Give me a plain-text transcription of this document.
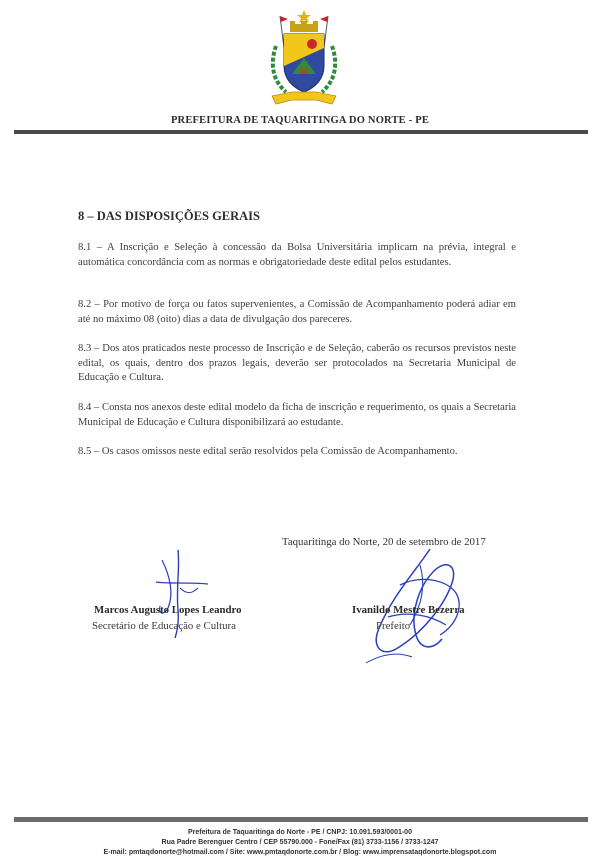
PREFEITURA DE TAQUARITINGA DO NORTE - PE
8 – DAS DISPOSIÇÕES GERAIS

8.1 – A Inscrição e Seleção à concessão da Bolsa Universitária implicam na prévia, integral e automática concordância com as normas e obrigatoriedade deste edital pelos estudantes.

8.2 – Por motivo de força ou fatos supervenientes, a Comissão de Acompanhamento poderá adiar em até no máximo 08 (oito) dias a data de divulgação dos pareceres.

8.3 – Dos atos praticados neste processo de Inscrição e de Seleção, caberão os recursos previstos neste edital, os quais, dentro dos prazos legais, deverão ser protocolados na Secretaria Municipal de Educação e Cultura.

8.4 – Consta nos anexos deste edital modelo da ficha de inscrição e requerimento, os quais a Secretaria Municipal de Educação e Cultura disponibilizará ao estudante.

8.5 – Os casos omissos neste edital serão resolvidos pela Comissão de Acompanhamento.

Taquaritinga do Norte, 20 de setembro de 2017
Marcos Augusto Lopes Leandro
Secretário de Educação e Cultura
Ivanildo Mestre Bezerra
Prefeito
Prefeitura de Taquaritinga do Norte - PE / CNPJ: 10.091.593/0001-00
Rua Padre Berenguer Centro / CEP 55790.000 - Fone/Fax (81) 3733-1156 / 3733-1247
E-mail: pmtaqdonorte@hotmail.com / Site: www.pmtaqdonorte.com.br / Blog: www.imprensataqdonorte.blogspot.com
